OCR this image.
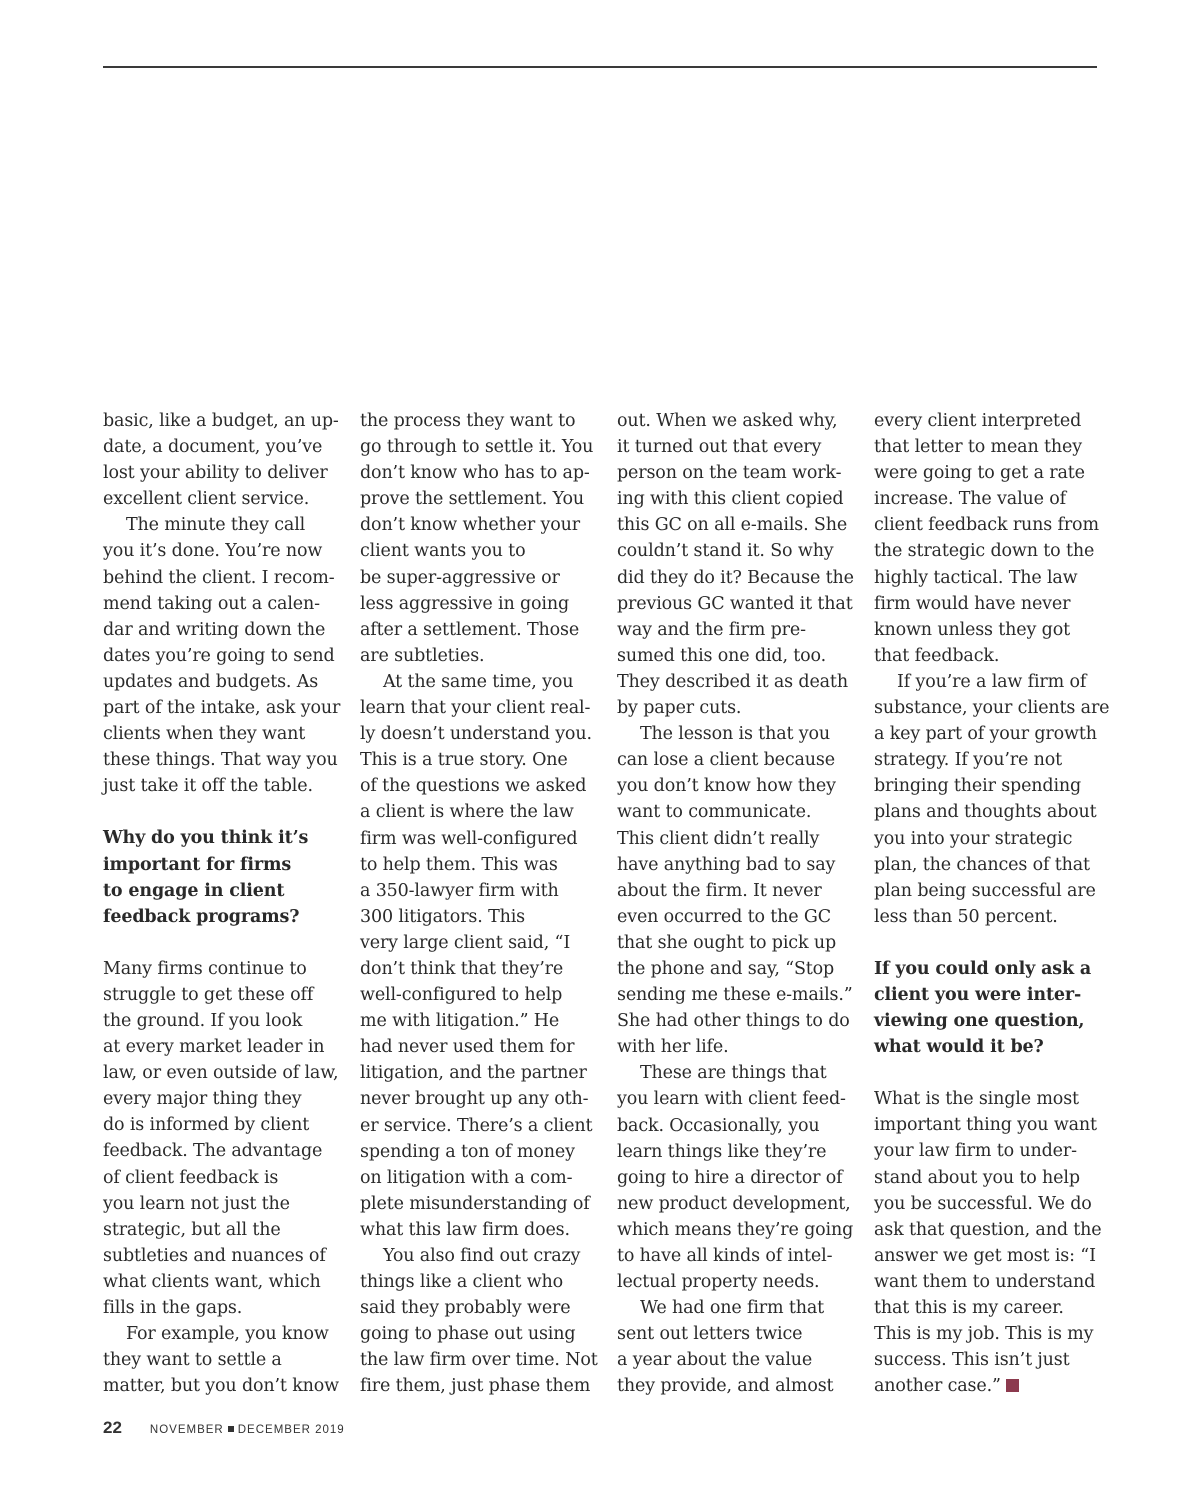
basic, like a budget, an up-
date, a document, you’ve
lost your ability to deliver
excellent client service.
The minute they call
you it’s done. You’re now
behind the client. I recom-
mend taking out a calen-
dar and writing down the
dates you’re going to send
updates and budgets. As
part of the intake, ask your
clients when they want
these things. That way you
just take it off the table.
Why do you think it’s
important for firms
to engage in client
feedback programs?
Many firms continue to
struggle to get these off
the ground. If you look
at every market leader in
law, or even outside of law,
every major thing they
do is informed by client
feedback. The advantage
of client feedback is
you learn not just the
strategic, but all the
subtleties and nuances of
what clients want, which
fills in the gaps.
For example, you know
they want to settle a
matter, but you don’t know
the process they want to
go through to settle it. You
don’t know who has to ap-
prove the settlement. You
don’t know whether your
client wants you to
be super-aggressive or
less aggressive in going
after a settlement. Those
are subtleties.
At the same time, you
learn that your client real-
ly doesn’t understand you.
This is a true story. One
of the questions we asked
a client is where the law
firm was well-configured
to help them. This was
a 350-lawyer firm with
300 litigators. This
very large client said, “I
don’t think that they’re
well-configured to help
me with litigation.” He
had never used them for
litigation, and the partner
never brought up any oth-
er service. There’s a client
spending a ton of money
on litigation with a com-
plete misunderstanding of
what this law firm does.
You also find out crazy
things like a client who
said they probably were
going to phase out using
the law firm over time. Not
fire them, just phase them
out. When we asked why,
it turned out that every
person on the team work-
ing with this client copied
this GC on all e-mails. She
couldn’t stand it. So why
did they do it? Because the
previous GC wanted it that
way and the firm pre-
sumed this one did, too.
They described it as death
by paper cuts.
The lesson is that you
can lose a client because
you don’t know how they
want to communicate.
This client didn’t really
have anything bad to say
about the firm. It never
even occurred to the GC
that she ought to pick up
the phone and say, “Stop
sending me these e-mails.”
She had other things to do
with her life.
These are things that
you learn with client feed-
back. Occasionally, you
learn things like they’re
going to hire a director of
new product development,
which means they’re going
to have all kinds of intel-
lectual property needs.
We had one firm that
sent out letters twice
a year about the value
they provide, and almost
every client interpreted
that letter to mean they
were going to get a rate
increase. The value of
client feedback runs from
the strategic down to the
highly tactical. The law
firm would have never
known unless they got
that feedback.
If you’re a law firm of
substance, your clients are
a key part of your growth
strategy. If you’re not
bringing their spending
plans and thoughts about
you into your strategic
plan, the chances of that
plan being successful are
less than 50 percent.
If you could only ask a
client you were inter-
viewing one question,
what would it be?
What is the single most
important thing you want
your law firm to under-
stand about you to help
you be successful. We do
ask that question, and the
answer we get most is: “I
want them to understand
that this is my career.
This is my job. This is my
success. This isn’t just
another case.”
22 NOVEMBER DECEMBER 2019
